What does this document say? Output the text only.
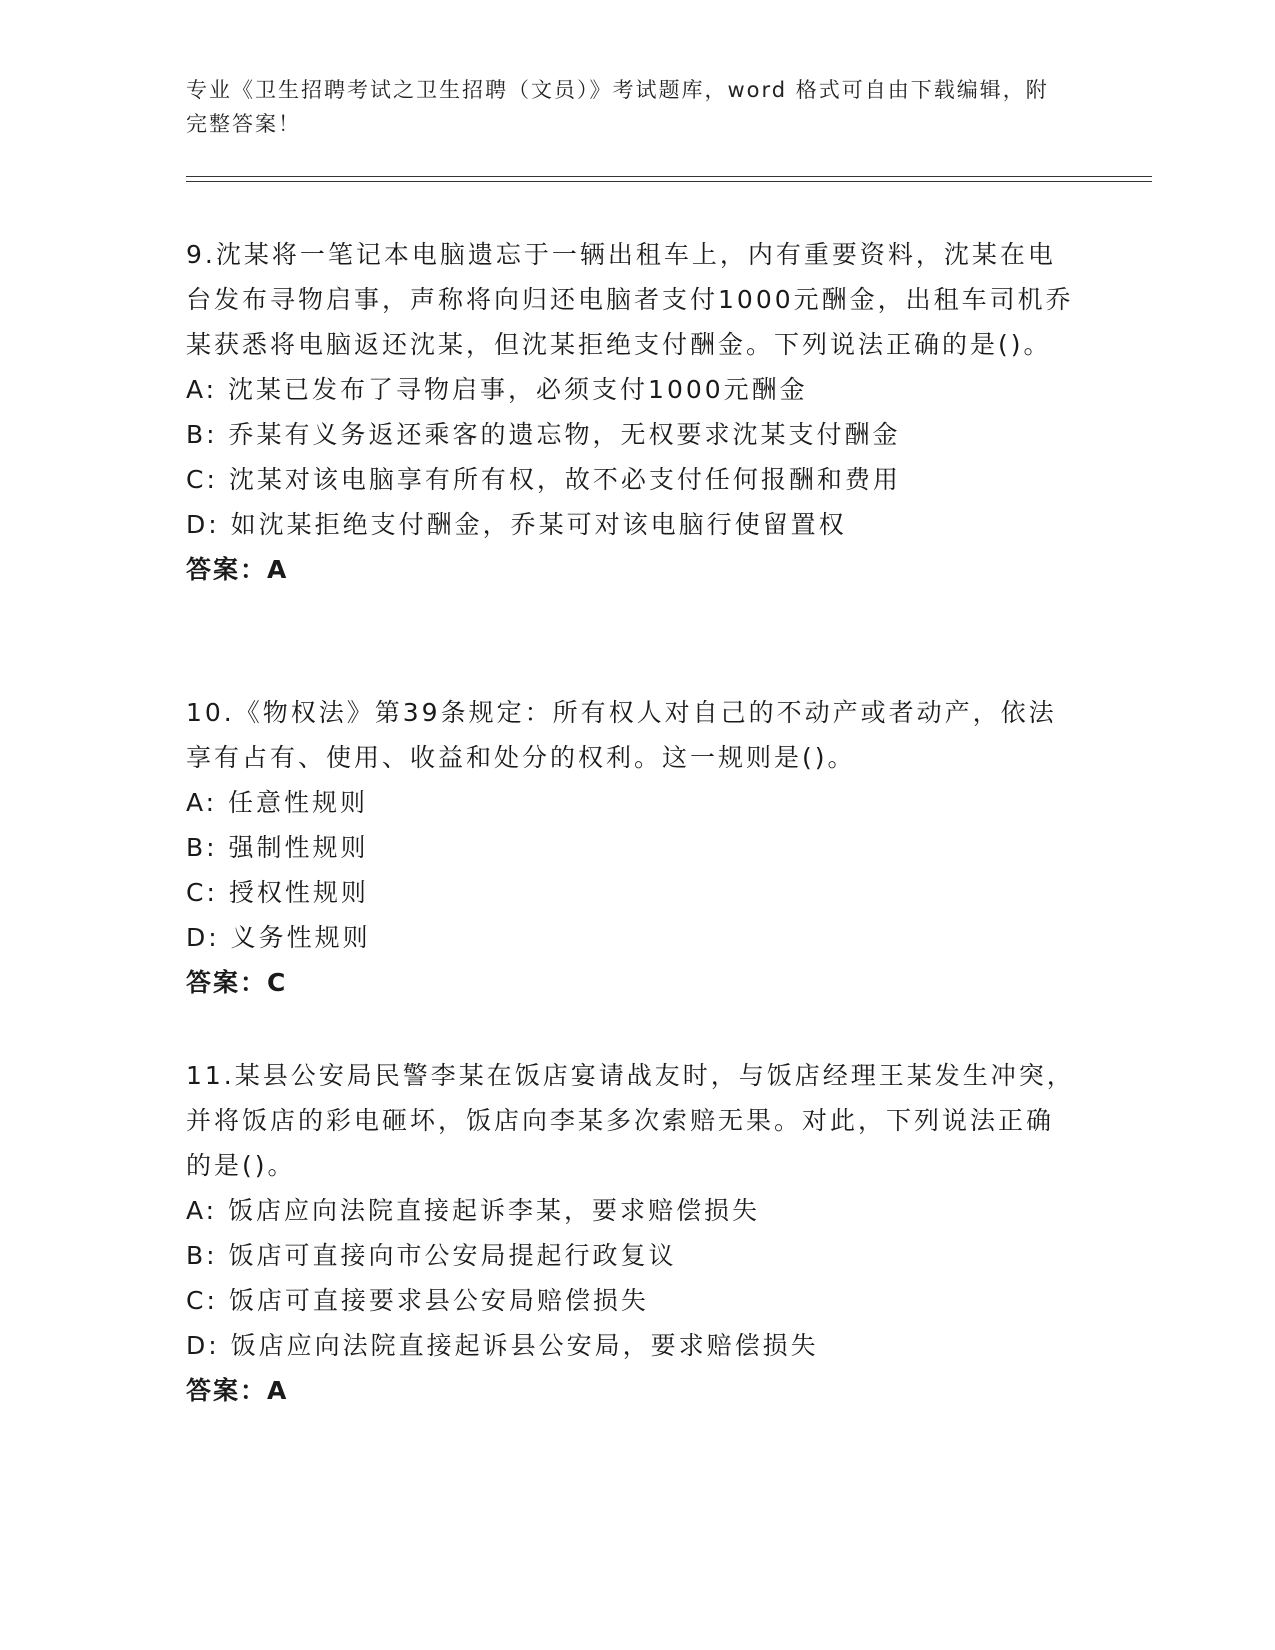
专业《卫生招聘考试之卫生招聘（文员）》考试题库，word 格式可自由下载编辑，附完整答案！

9.沈某将一笔记本电脑遗忘于一辆出租车上，内有重要资料，沈某在电台发布寻物启事，声称将向归还电脑者支付1000元酬金，出租车司机乔某获悉将电脑返还沈某，但沈某拒绝支付酬金。下列说法正确的是()。

A: 沈某已发布了寻物启事，必须支付1000元酬金

B: 乔某有义务返还乘客的遗忘物，无权要求沈某支付酬金

C: 沈某对该电脑享有所有权，故不必支付任何报酬和费用

D: 如沈某拒绝支付酬金，乔某可对该电脑行使留置权

答案：A

10.《物权法》第39条规定：所有权人对自己的不动产或者动产，依法享有占有、使用、收益和处分的权利。这一规则是()。

A: 任意性规则

B: 强制性规则

C: 授权性规则

D: 义务性规则

答案：C

11.某县公安局民警李某在饭店宴请战友时，与饭店经理王某发生冲突，并将饭店的彩电砸坏，饭店向李某多次索赔无果。对此，下列说法正确的是()。

A: 饭店应向法院直接起诉李某，要求赔偿损失

B: 饭店可直接向市公安局提起行政复议

C: 饭店可直接要求县公安局赔偿损失

D: 饭店应向法院直接起诉县公安局，要求赔偿损失

答案：A
